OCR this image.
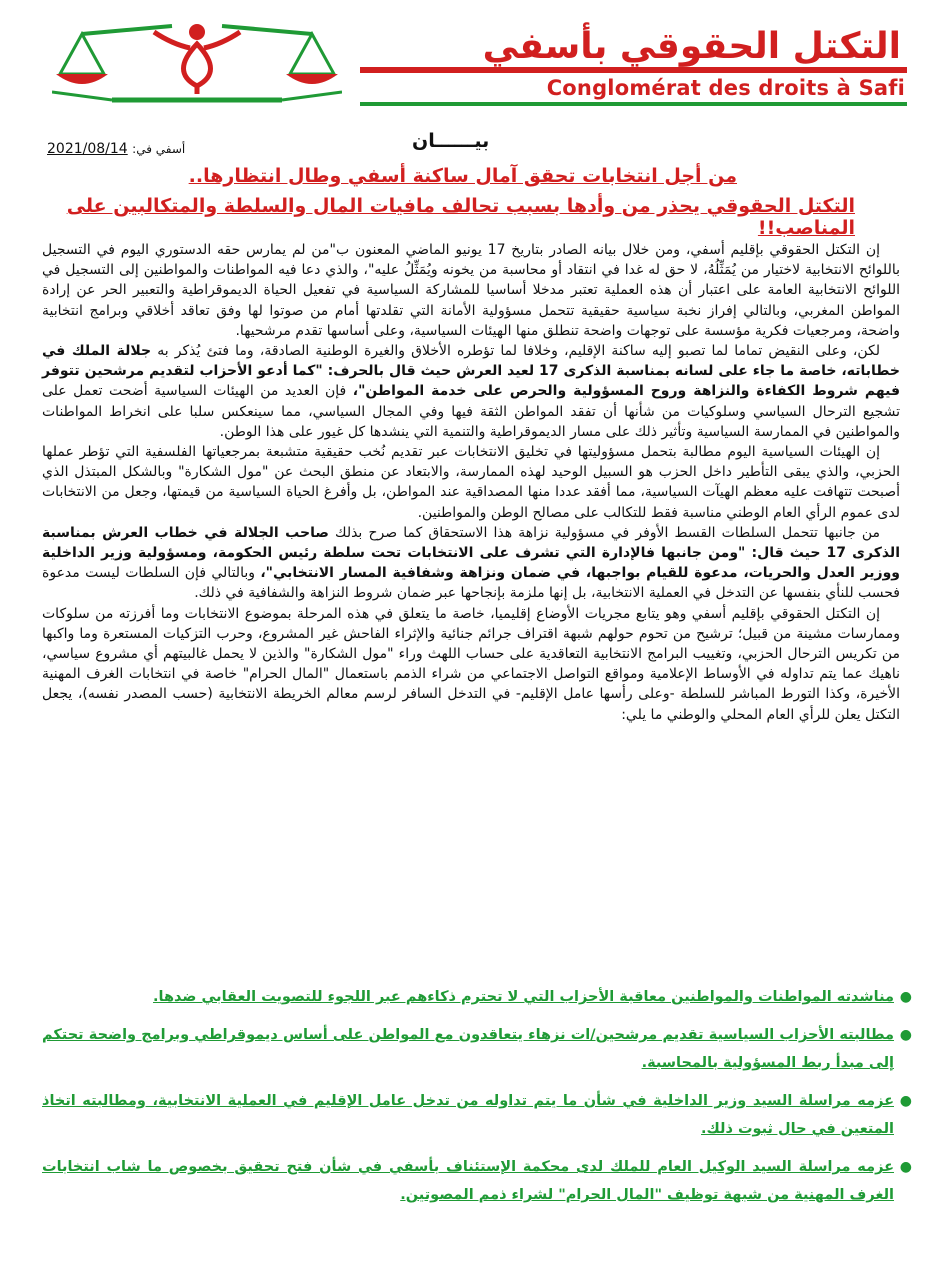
التكتل الحقوقي بأسفي
Conglomérat des droits à Safi
بيــــــان
أسفي في: 2021/08/14
من أجل انتخابات تحقق آمال ساكنة أسفي وطال انتظارها..
التكتل الحقوقي يحذر من وأدها بسبب تحالف مافيات المال والسلطة والمتكالبين على المناصب!!

إن التكتل الحقوقي بإقليم أسفي، ومن خلال بيانه الصادر بتاريخ 17 يونيو الماضي المعنون ب"من لم يمارس حقه الدستوري اليوم في التسجيل باللوائح الانتخابية لاختيار من يُمَثِّلُهُ، لا حق له غدا في انتقاد أو محاسبة من يخونه ويُمَثِّلُ عليه"، والذي دعا فيه المواطنات والمواطنين إلى التسجيل في اللوائح الانتخابية العامة على اعتبار أن هذه العملية تعتبر مدخلا أساسيا للمشاركة السياسية في تفعيل الحياة الديموقراطية والتعبير الحر عن إرادة المواطن المغربي، وبالتالي إفراز نخبة سياسية حقيقية تتحمل مسؤولية الأمانة التي تقلدتها أمام من صوتوا لها وفق تعاقد أخلاقي وبرامج انتخابية واضحة، ومرجعيات فكرية مؤسسة على توجهات واضحة تنطلق منها الهيئات السياسية، وعلى أساسها تقدم مرشحيها.

لكن، وعلى النقيض تماما لما تصبو إليه ساكنة الإقليم، وخلافا لما تؤطره الأخلاق والغيرة الوطنية الصادقة، وما فتئ يُذكر به جلالة الملك في خطاباته، خاصة ما جاء على لسانه بمناسبة الذكرى 17 لعيد العرش حيث قال بالحرف: "كما أدعو الأحزاب لتقديم مرشحين تتوفر فيهم شروط الكفاءة والنزاهة وروح المسؤولية والحرص على خدمة المواطن"، فإن العديد من الهيئات السياسية أضحت تعمل على تشجيع الترحال السياسي وسلوكيات من شأنها أن تفقد المواطن الثقة فيها وفي المجال السياسي، مما سينعكس سلبا على انخراط المواطنات والمواطنين في الممارسة السياسية وتأثير ذلك على مسار الديموقراطية والتنمية التي ينشدها كل غيور على هذا الوطن.

إن الهيئات السياسية اليوم مطالبة بتحمل مسؤوليتها في تخليق الانتخابات عبر تقديم نُخب حقيقية متشبعة بمرجعياتها الفلسفية التي تؤطر عملها الحزبي، والذي يبقى التأطير داخل الحزب هو السبيل الوحيد لهذه الممارسة، والابتعاد عن منطق البحث عن "مول الشكارة" وبالشكل المبتذل الذي أصبحت تتهافت عليه معظم الهيآت السياسية، مما أفقد عددا منها المصداقية عند المواطن، بل وأفرغ الحياة السياسية من قيمتها، وجعل من الانتخابات لدى عموم الرأي العام الوطني مناسبة فقط للتكالب على مصالح الوطن والمواطنين.

من جانبها تتحمل السلطات القسط الأوفر في مسؤولية نزاهة هذا الاستحقاق كما صرح بذلك صاحب الجلالة في خطاب العرش بمناسبة الذكرى 17 حيث قال: "ومن جانبها فالإدارة التي تشرف على الانتخابات تحت سلطة رئيس الحكومة، ومسؤولية وزير الداخلية ووزير العدل والحريات، مدعوة للقيام بواجبها، في ضمان ونزاهة وشفافية المسار الانتخابي"، وبالتالي فإن السلطات ليست مدعوة فحسب للنأي بنفسها عن التدخل في العملية الانتخابية، بل إنها ملزمة بإنجاحها عبر ضمان شروط النزاهة والشفافية في ذلك.

إن التكتل الحقوقي بإقليم أسفي وهو يتابع مجريات الأوضاع إقليميا، خاصة ما يتعلق في هذه المرحلة بموضوع الانتخابات وما أفرزته من سلوكات وممارسات مشينة من قبيل؛ ترشيح من تحوم حولهم شبهة اقتراف جرائم جنائية والإثراء الفاحش غير المشروع، وحرب التزكيات المستعرة وما واكبها من تكريس الترحال الحزبي، وتغييب البرامج الانتخابية التعاقدية على حساب اللهث وراء "مول الشكارة" والذين لا يحمل غالبيتهم أي مشروع سياسي، ناهيك عما يتم تداوله في الأوساط الإعلامية ومواقع التواصل الاجتماعي من شراء الذمم باستعمال "المال الحرام" خاصة في انتخابات الغرف المهنية الأخيرة، وكذا التورط المباشر للسلطة -وعلى رأسها عامل الإقليم- في التدخل السافر لرسم معالم الخريطة الانتخابية (حسب المصدر نفسه)، يجعل التكتل يعلن للرأي العام المحلي والوطني ما يلي:

●
مناشدته المواطنات والمواطنين معاقبة الأحزاب التي لا تحترم ذكاءهم عبر اللجوء للتصويت العقابي ضدها.
●
مطالبته الأحزاب السياسية تقديم مرشحين/ات نزهاء يتعاقدون مع المواطن على أساس ديموقراطي وبرامج واضحة تحتكم إلى مبدأ ربط المسؤولية بالمحاسبة.
●
عزمه مراسلة السيد وزير الداخلية في شأن ما يتم تداوله من تدخل عامل الإقليم في العملية الانتخابية، ومطالبته اتخاذ المتعين في حال ثبوت ذلك.
●
عزمه مراسلة السيد الوكيل العام للملك لدى محكمة الإستئناف بأسفي في شأن فتح تحقيق بخصوص ما شاب انتخابات الغرف المهنية من شبهة توظيف "المال الحرام" لشراء ذمم المصوتين.
